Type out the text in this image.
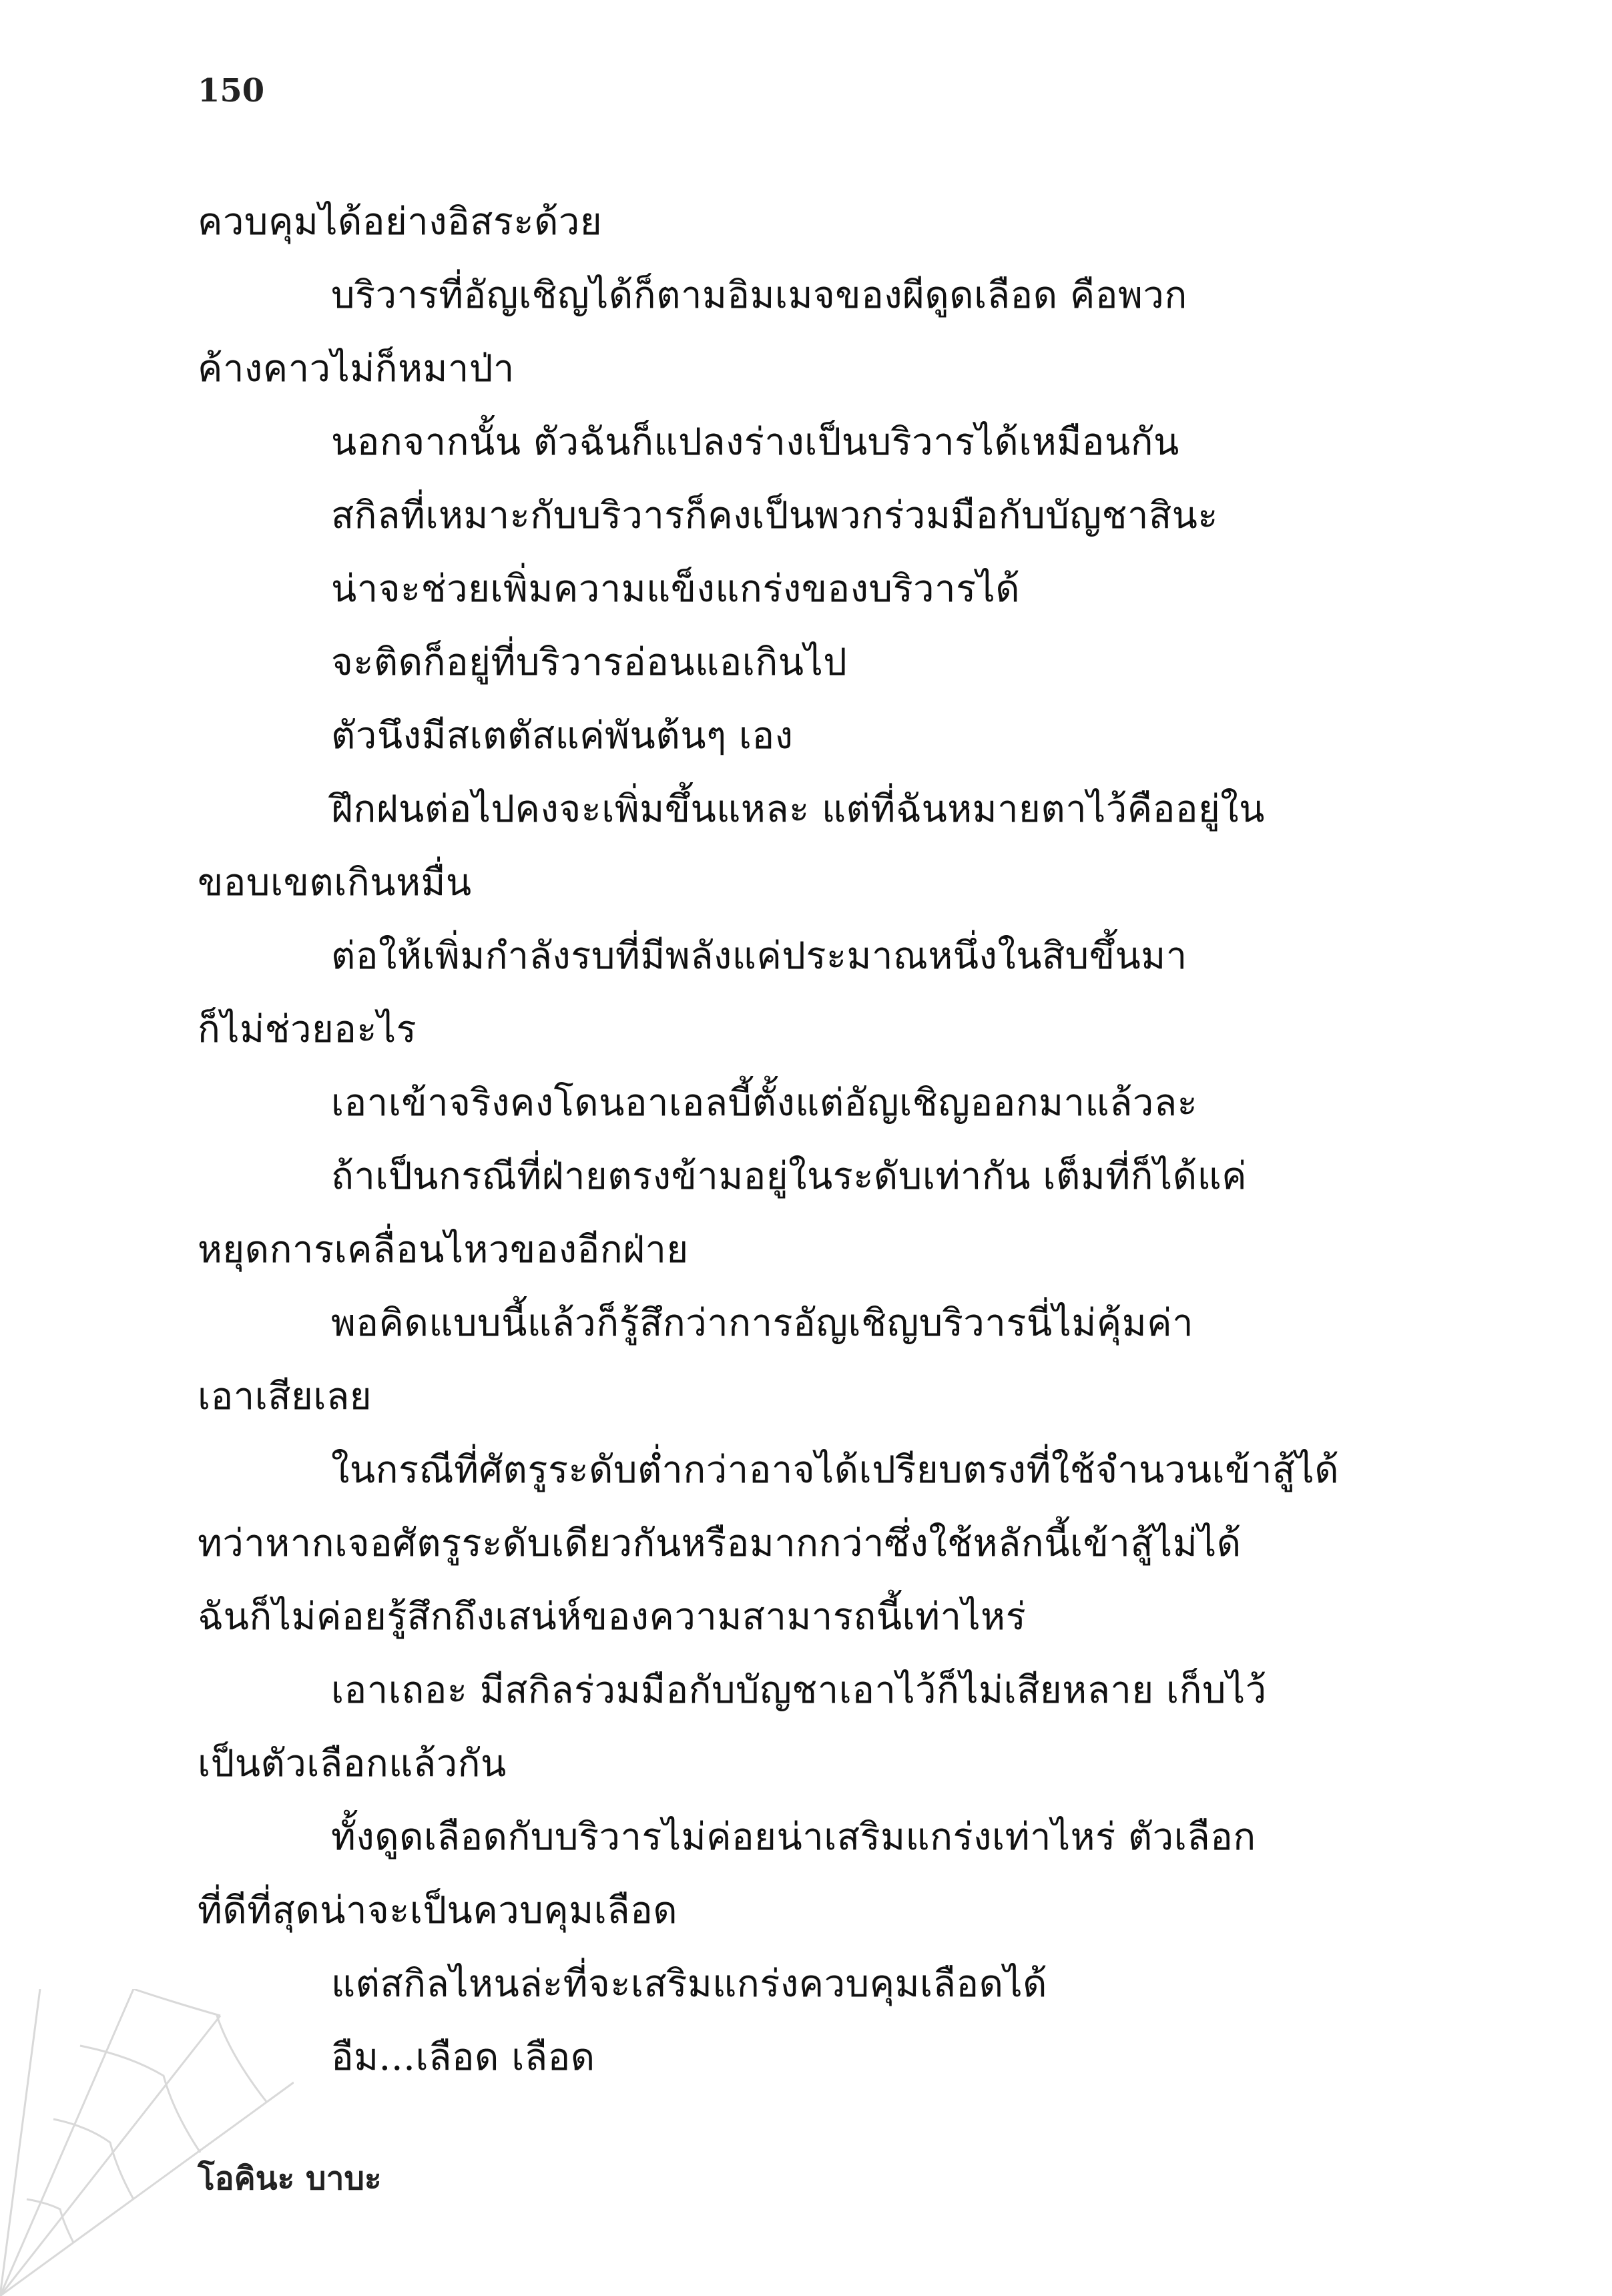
150
ควบคุมได้อย่างอิสระด้วย
บริวารที่อัญเชิญได้ก็ตามอิมเมจของผีดูดเลือด คือพวก
ค้างคาวไม่ก็หมาป่า
นอกจากนั้น ตัวฉันก็แปลงร่างเป็นบริวารได้เหมือนกัน
สกิลที่เหมาะกับบริวารก็คงเป็นพวกร่วมมือกับบัญชาสินะ
น่าจะช่วยเพิ่มความแข็งแกร่งของบริวารได้
จะติดก็อยู่ที่บริวารอ่อนแอเกินไป
ตัวนึงมีสเตตัสแค่พันต้นๆ เอง
ฝึกฝนต่อไปคงจะเพิ่มขึ้นแหละ แต่ที่ฉันหมายตาไว้คืออยู่ใน
ขอบเขตเกินหมื่น
ต่อให้เพิ่มกำลังรบที่มีพลังแค่ประมาณหนึ่งในสิบขึ้นมา
ก็ไม่ช่วยอะไร
เอาเข้าจริงคงโดนอาเอลบี้ตั้งแต่อัญเชิญออกมาแล้วละ
ถ้าเป็นกรณีที่ฝ่ายตรงข้ามอยู่ในระดับเท่ากัน เต็มที่ก็ได้แค่
หยุดการเคลื่อนไหวของอีกฝ่าย
พอคิดแบบนี้แล้วก็รู้สึกว่าการอัญเชิญบริวารนี่ไม่คุ้มค่า
เอาเสียเลย
ในกรณีที่ศัตรูระดับต่ำกว่าอาจได้เปรียบตรงที่ใช้จำนวนเข้าสู้ได้
ทว่าหากเจอศัตรูระดับเดียวกันหรือมากกว่าซึ่งใช้หลักนี้เข้าสู้ไม่ได้
ฉันก็ไม่ค่อยรู้สึกถึงเสน่ห์ของความสามารถนี้เท่าไหร่
เอาเถอะ มีสกิลร่วมมือกับบัญชาเอาไว้ก็ไม่เสียหลาย เก็บไว้
เป็นตัวเลือกแล้วกัน
ทั้งดูดเลือดกับบริวารไม่ค่อยน่าเสริมแกร่งเท่าไหร่ ตัวเลือก
ที่ดีที่สุดน่าจะเป็นควบคุมเลือด
แต่สกิลไหนล่ะที่จะเสริมแกร่งควบคุมเลือดได้
อืม...เลือด เลือด
โอคินะ บาบะ
